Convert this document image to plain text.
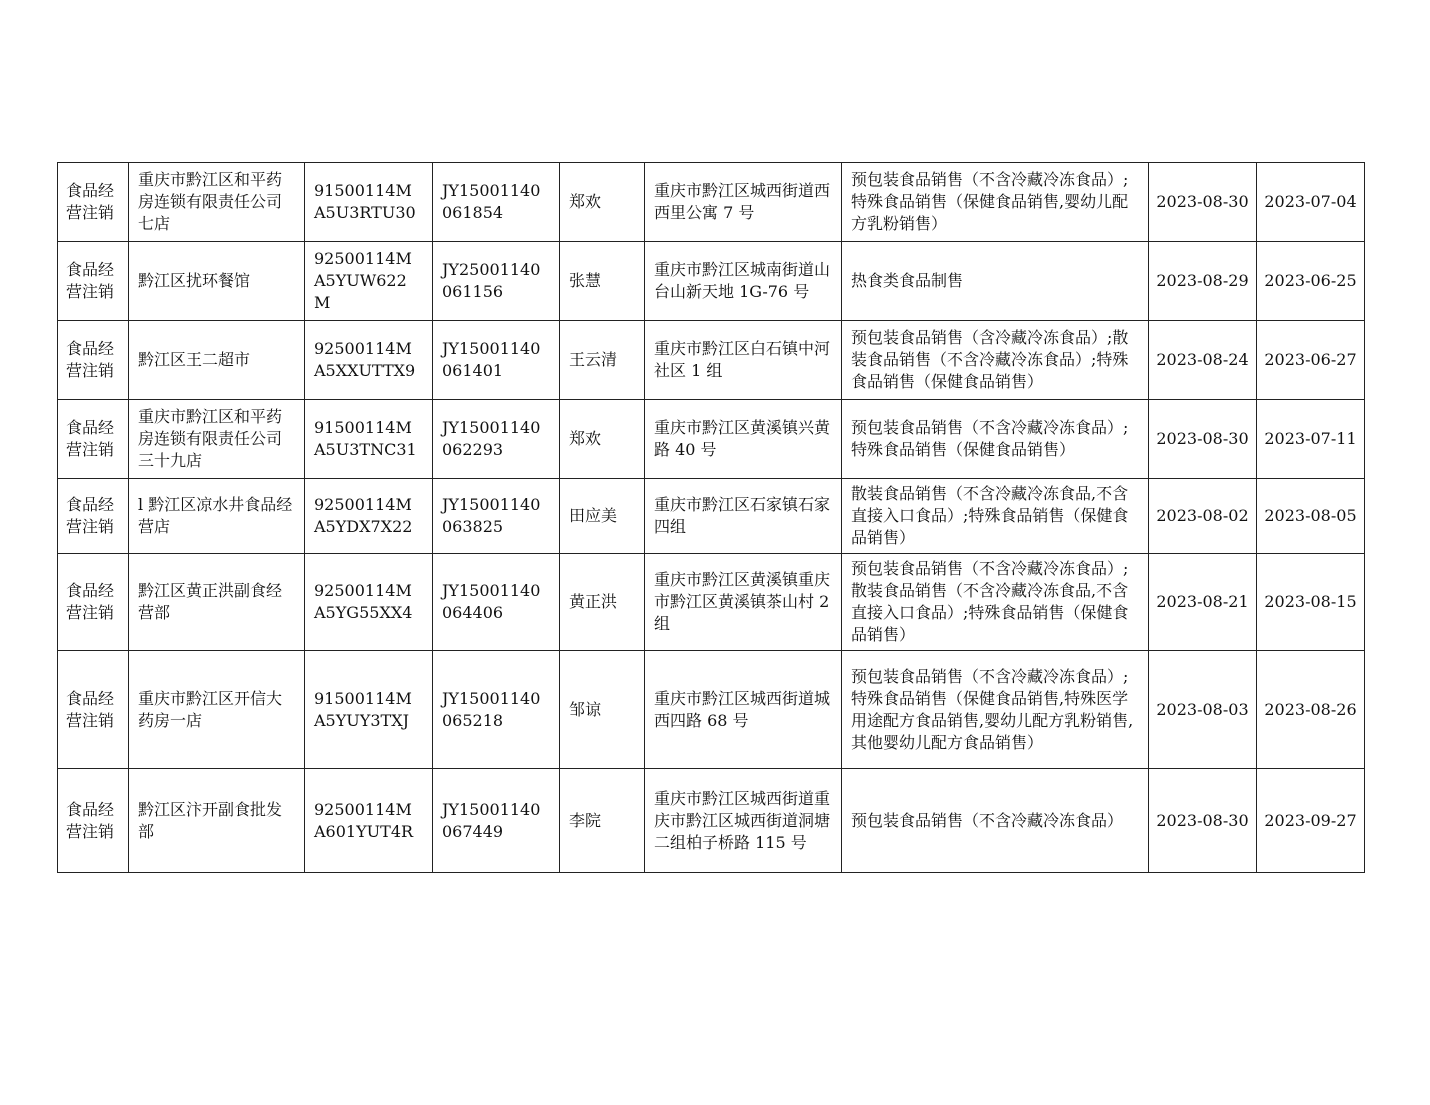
食品经营注销	重庆市黔江区和平药房连锁有限责任公司七店	91500114MA5U3RTU30	JY15001140061854	郑欢	重庆市黔江区城西街道西西里公寓 7 号	预包装食品销售（不含冷藏冷冻食品）;特殊食品销售（保健食品销售,婴幼儿配方乳粉销售）	2023-08-30	2023-07-04
食品经营注销	黔江区扰环餐馆	92500114MA5YUW622M	JY25001140061156	张慧	重庆市黔江区城南街道山台山新天地 1G-76 号	热食类食品制售	2023-08-29	2023-06-25
食品经营注销	黔江区王二超市	92500114MA5XXUTTX9	JY15001140061401	王云清	重庆市黔江区白石镇中河社区 1 组	预包装食品销售（含冷藏冷冻食品）;散装食品销售（不含冷藏冷冻食品）;特殊食品销售（保健食品销售）	2023-08-24	2023-06-27
食品经营注销	重庆市黔江区和平药房连锁有限责任公司三十九店	91500114MA5U3TNC31	JY15001140062293	郑欢	重庆市黔江区黄溪镇兴黄路 40 号	预包装食品销售（不含冷藏冷冻食品）;特殊食品销售（保健食品销售）	2023-08-30	2023-07-11
食品经营注销	l 黔江区凉水井食品经营店	92500114MA5YDX7X22	JY15001140063825	田应美	重庆市黔江区石家镇石家四组	散装食品销售（不含冷藏冷冻食品,不含直接入口食品）;特殊食品销售（保健食品销售）	2023-08-02	2023-08-05
食品经营注销	黔江区黄正洪副食经营部	92500114MA5YG55XX4	JY15001140064406	黄正洪	重庆市黔江区黄溪镇重庆市黔江区黄溪镇茶山村 2 组	预包装食品销售（不含冷藏冷冻食品）;散装食品销售（不含冷藏冷冻食品,不含直接入口食品）;特殊食品销售（保健食品销售）	2023-08-21	2023-08-15
食品经营注销	重庆市黔江区开信大药房一店	91500114MA5YUY3TXJ	JY15001140065218	邹谅	重庆市黔江区城西街道城西四路 68 号	预包装食品销售（不含冷藏冷冻食品）;特殊食品销售（保健食品销售,特殊医学用途配方食品销售,婴幼儿配方乳粉销售,其他婴幼儿配方食品销售）	2023-08-03	2023-08-26
食品经营注销	黔江区汴开副食批发部	92500114MA601YUT4R	JY15001140067449	李院	重庆市黔江区城西街道重庆市黔江区城西街道洞塘二组柏子桥路 115 号	预包装食品销售（不含冷藏冷冻食品）	2023-08-30	2023-09-27
